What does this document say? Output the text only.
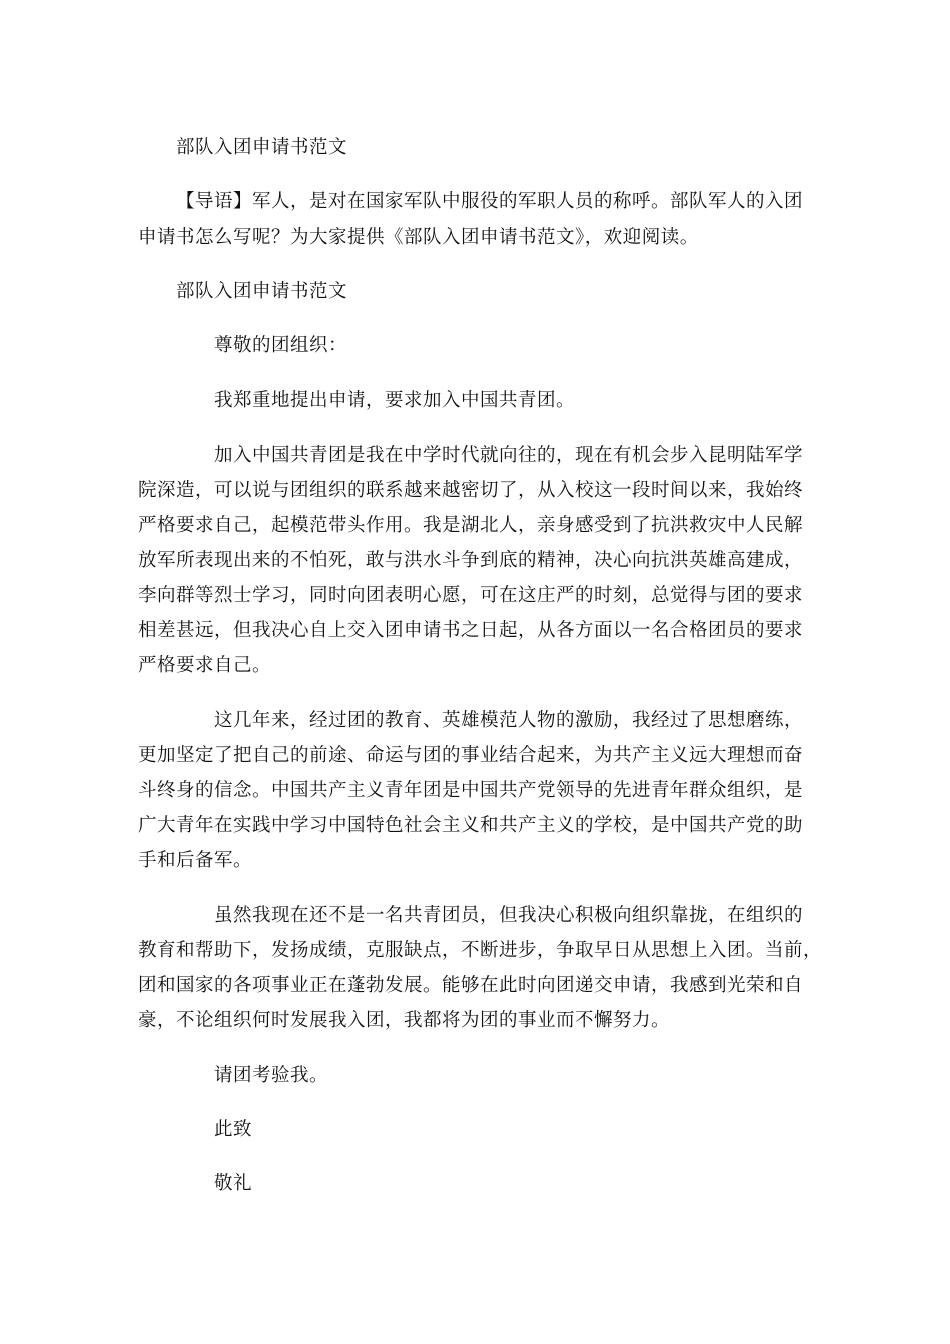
部队入团申请书范文
【导语】军人，是对在国家军队中服役的军职人员的称呼。部队军人的入团
申请书怎么写呢？为大家提供《部队入团申请书范文》，欢迎阅读。
部队入团申请书范文
尊敬的团组织：
我郑重地提出申请，要求加入中国共青团。
加入中国共青团是我在中学时代就向往的，现在有机会步入昆明陆军学
院深造，可以说与团组织的联系越来越密切了，从入校这一段时间以来，我始终
严格要求自己，起模范带头作用。我是湖北人，亲身感受到了抗洪救灾中人民解
放军所表现出来的不怕死，敢与洪水斗争到底的精神，决心向抗洪英雄高建成，
李向群等烈士学习，同时向团表明心愿，可在这庄严的时刻，总觉得与团的要求
相差甚远，但我决心自上交入团申请书之日起，从各方面以一名合格团员的要求
严格要求自己。
这几年来，经过团的教育、英雄模范人物的激励，我经过了思想磨练，
更加坚定了把自己的前途、命运与团的事业结合起来，为共产主义远大理想而奋
斗终身的信念。中国共产主义青年团是中国共产党领导的先进青年群众组织，是
广大青年在实践中学习中国特色社会主义和共产主义的学校，是中国共产党的助
手和后备军。
虽然我现在还不是一名共青团员，但我决心积极向组织靠拢，在组织的
教育和帮助下，发扬成绩，克服缺点，不断进步，争取早日从思想上入团。当前，
团和国家的各项事业正在蓬勃发展。能够在此时向团递交申请，我感到光荣和自
豪，不论组织何时发展我入团，我都将为团的事业而不懈努力。
请团考验我。
此致
敬礼
